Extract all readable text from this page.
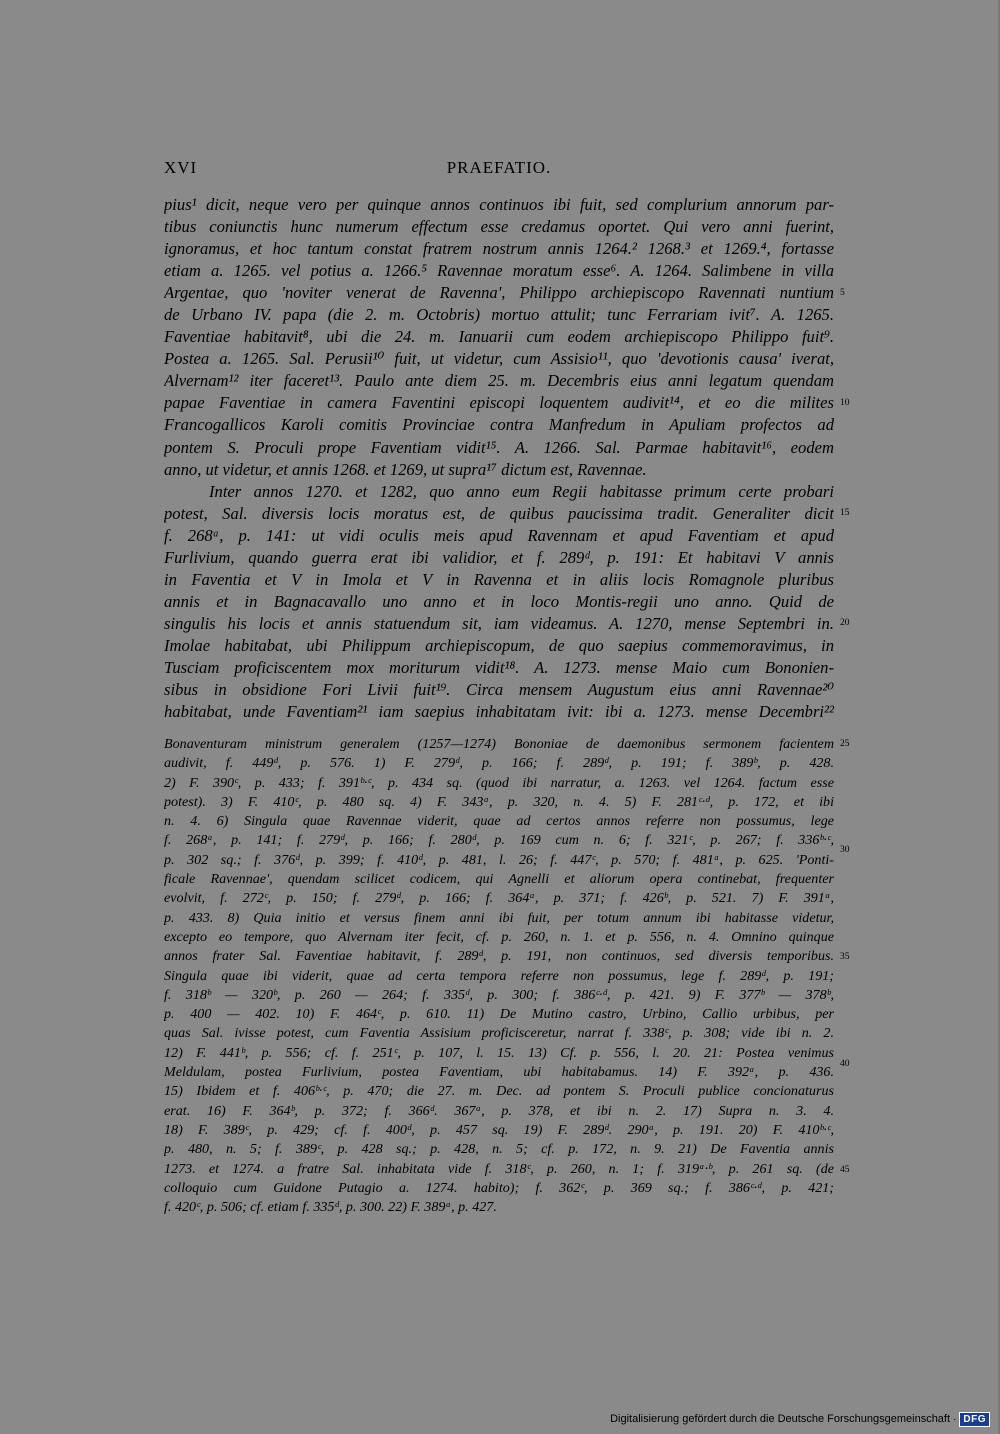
XVI	PRAEFATIO.
pius¹ dicit, neque vero per quinque annos continuos ibi fuit, sed complurium annorum par-
tibus coniunctis hunc numerum effectum esse credamus oportet. Qui vero anni fuerint,
ignoramus, et hoc tantum constat fratrem nostrum annis 1264.² 1268.³ et 1269.⁴, fortasse
etiam a. 1265. vel potius a. 1266.⁵ Ravennae moratum esse⁶. A. 1264. Salimbene in villa
Argentae, quo 'noviter venerat de Ravenna', Philippo archiepiscopo Ravennati nuntium
de Urbano IV. papa (die 2. m. Octobris) mortuo attulit; tunc Ferrariam ivit⁷. A. 1265.
Faventiae habitavit⁸, ubi die 24. m. Ianuarii cum eodem archiepiscopo Philippo fuit⁹.
Postea a. 1265. Sal. Perusii¹⁰ fuit, ut videtur, cum Assisio¹¹, quo 'devotionis causa' iverat,
Alvernam¹² iter faceret¹³. Paulo ante diem 25. m. Decembris eius anni legatum quendam
papae Faventiae in camera Faventini episcopi loquentem audivit¹⁴, et eo die milites
Francogallicos Karoli comitis Provinciae contra Manfredum in Apuliam profectos ad
pontem S. Proculi prope Faventiam vidit¹⁵. A. 1266. Sal. Parmae habitavit¹⁶, eodem
anno, ut videtur, et annis 1268. et 1269, ut supra¹⁷ dictum est, Ravennae.
Inter annos 1270. et 1282, quo anno eum Regii habitasse primum certe probari
potest, Sal. diversis locis moratus est, de quibus paucissima tradit. Generaliter dicit
f. 268ᵃ, p. 141: ut vidi oculis meis apud Ravennam et apud Faventiam et apud
Furlivium, quando guerra erat ibi validior, et f. 289ᵈ, p. 191: Et habitavi V annis
in Faventia et V in Imola et V in Ravenna et in aliis locis Romagnole pluribus
annis et in Bagnacavallo uno anno et in loco Montis-regii uno anno. Quid de
singulis his locis et annis statuendum sit, iam videamus. A. 1270, mense Septembri in.
Imolae habitabat, ubi Philippum archiepiscopum, de quo saepius commemoravimus, in
Tusciam proficiscentem mox moriturum vidit¹⁸. A. 1273. mense Maio cum Bononien-
sibus in obsidione Fori Livii fuit¹⁹. Circa mensem Augustum eius anni Ravennae²⁰
habitabat, unde Faventiam²¹ iam saepius inhabitatam ivit: ibi a. 1273. mense Decembri²²
5
10
15
20
Bonaventuram ministrum generalem (1257—1274) Bononiae de daemonibus sermonem facientem
audivit, f. 449ᵈ, p. 576. 1) F. 279ᵈ, p. 166; f. 289ᵈ, p. 191; f. 389ᵇ, p. 428.
2) F. 390ᶜ, p. 433; f. 391ᵇ·ᶜ, p. 434 sq. (quod ibi narratur, a. 1263. vel 1264. factum esse
potest). 3) F. 410ᶜ, p. 480 sq. 4) F. 343ᵃ, p. 320, n. 4. 5) F. 281ᶜ·ᵈ, p. 172, et ibi
n. 4. 6) Singula quae Ravennae viderit, quae ad certos annos referre non possumus, lege
f. 268ᵃ, p. 141; f. 279ᵈ, p. 166; f. 280ᵈ, p. 169 cum n. 6; f. 321ᶜ, p. 267; f. 336ᵇ·ᶜ,
p. 302 sq.; f. 376ᵈ, p. 399; f. 410ᵈ, p. 481, l. 26; f. 447ᶜ, p. 570; f. 481ᵃ, p. 625. 'Ponti-
ficale Ravennae', quendam scilicet codicem, qui Agnelli et aliorum opera continebat, frequenter
evolvit, f. 272ᶜ, p. 150; f. 279ᵈ, p. 166; f. 364ᵃ, p. 371; f. 426ᵇ, p. 521. 7) F. 391ᵃ,
p. 433. 8) Quia initio et versus finem anni ibi fuit, per totum annum ibi habitasse videtur,
excepto eo tempore, quo Alvernam iter fecit, cf. p. 260, n. 1. et p. 556, n. 4. Omnino quinque
annos frater Sal. Faventiae habitavit, f. 289ᵈ, p. 191, non continuos, sed diversis temporibus.
Singula quae ibi viderit, quae ad certa tempora referre non possumus, lege f. 289ᵈ, p. 191;
f. 318ᵇ — 320ᵇ, p. 260 — 264; f. 335ᵈ, p. 300; f. 386ᶜ·ᵈ, p. 421. 9) F. 377ᵇ — 378ᵇ,
p. 400 — 402. 10) F. 464ᶜ, p. 610. 11) De Mutino castro, Urbino, Callio urbibus, per
quas Sal. ivisse potest, cum Faventia Assisium proficisceretur, narrat f. 338ᶜ, p. 308; vide ibi n. 2.
12) F. 441ᵇ, p. 556; cf. f. 251ᶜ, p. 107, l. 15. 13) Cf. p. 556, l. 20. 21: Postea venimus
Meldulam, postea Furlivium, postea Faventiam, ubi habitabamus. 14) F. 392ᵃ, p. 436.
15) Ibidem et f. 406ᵇ·ᶜ, p. 470; die 27. m. Dec. ad pontem S. Proculi publice concionaturus
erat. 16) F. 364ᵇ, p. 372; f. 366ᵈ. 367ᵃ, p. 378, et ibi n. 2. 17) Supra n. 3. 4.
18) F. 389ᶜ, p. 429; cf. f. 400ᵈ, p. 457 sq. 19) F. 289ᵈ. 290ᵃ, p. 191. 20) F. 410ᵇ·ᶜ,
p. 480, n. 5; f. 389ᶜ, p. 428 sq.; p. 428, n. 5; cf. p. 172, n. 9. 21) De Faventia annis
1273. et 1274. a fratre Sal. inhabitata vide f. 318ᶜ, p. 260, n. 1; f. 319ᵃ·ᵇ, p. 261 sq. (de
colloquio cum Guidone Putagio a. 1274. habito); f. 362ᶜ, p. 369 sq.; f. 386ᶜ·ᵈ, p. 421;
f. 420ᶜ, p. 506; cf. etiam f. 335ᵈ, p. 300. 22) F. 389ᵃ, p. 427.
25
30
35
40
45
Digitalisierung gefördert durch die Deutsche Forschungsgemeinschaft · DFG
